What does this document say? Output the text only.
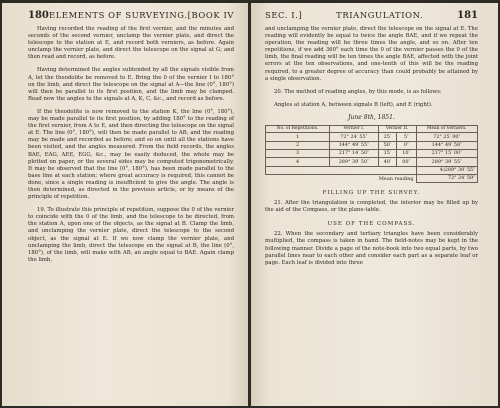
180 ELEMENTS OF SURVEYING. [BOOK IV

Having recorded the reading of the first vernier, and the minutes and seconds of the second vernier, unclamp the vernier plate, and direct the telescope to the station at E, and record both verniers, as before. Again unclamp the vernier plate, and direct the telescope on the signal at G; and then read and record, as before.

Having determined the angles subtended by all the signals visible from A, let the theodolite be removed to E. Bring the 0 of the vernier I to 180° on the limb, and direct the telescope on the signal at A—the line (0°, 180°) will then be parallel to its first position, and the limb may be clamped. Read now the angles to the signals at A, K, C, &c., and record as before.

If the theodolite is now removed to the station K, the line (0°, 180°), may be made parallel to its first position, by adding 180° to the reading of the first vernier, from A to E, and then directing the telescope on the signal at E. The line (0°, 180°), will then be made parallel to AB, and the reading may be made and recorded as before; and so on until all the stations have been visited, and the angles measured. From the field records, the angles BAE, EAG, AEE, EGG, &c., may be easily deduced, the whole may be plotted on paper, or the several sides may be computed trigonometrically. It may be observed that the line (0°, 180°), has been made parallel to the base line at each station; where great accuracy is required, this cannot be done, since a single reading is insufficient to give the angle. The angle is then determined, as directed in the previous article, or by means of the principle of repetition.

19. To illustrate this principle of repetition, suppose the 0 of the vernier to coincide with the 0 of the limb, and the telescope to be directed, from the station A, upon one of the objects, as the signal at B. Clamp the limb, and unclamping the vernier plate, direct the telescope to the second object, as the signal at E. If we now clamp the vernier plate, and unclamping the limb, direct the telescope on the signal at B, the line (0°, 180°), of the limb, will make with AB, an angle equal to BAE. Again clamp the limb,

SEC. I.]	TRIANGULATION.	181

and unclamping the vernier plate, direct the telescope on the signal at E. The reading will evidently be equal to twice the angle BAE, and if we repeat the operation, the reading will be three times the angle, and so on. After ten repetitions, if we add 360° each time the 0 of the vernier passes the 0 of the limb, the final reading will be ten times the angle BAE, affected with the joint errors at the ten observations, and one-tenth of this will be the reading required, to a greater degree of accuracy than could probably be attained by a single observation.

20. The method of reading angles, by this mode, is as follows:

Angles at station A, between signals B (left), and E (right).

June 8th, 1851.
No. of Repetitions.	Vernier I.	Vernier II.		Mean of Verniers.
1	72° 24′ 55″	25′	5″	72° 25′ 00″
2	144° 49′ 55″	50′	0″	144° 49′ 58″
3	217° 14′ 50″	15′	10″	217° 15′ 00″
4	289° 39′ 50″	40′	00″	289° 39′ 55″
				4)289° 39′ 55″
Mean reading				72° 24′ 59″
FILLING UP THE SURVEY.

21. After the triangulation is completed, the interior may be filled up by the aid of the Compass, or the plane-table.

USE OF THE COMPASS.

22. When the secondary and tertiary triangles have been considerably multiplied, the compass is taken in hand. The field-notes may be kept in the following manner. Divide a page of the note-book into two equal parts, by two parallel lines near to each other and consider each part as a separate leaf or page. Each leaf is divided into three
